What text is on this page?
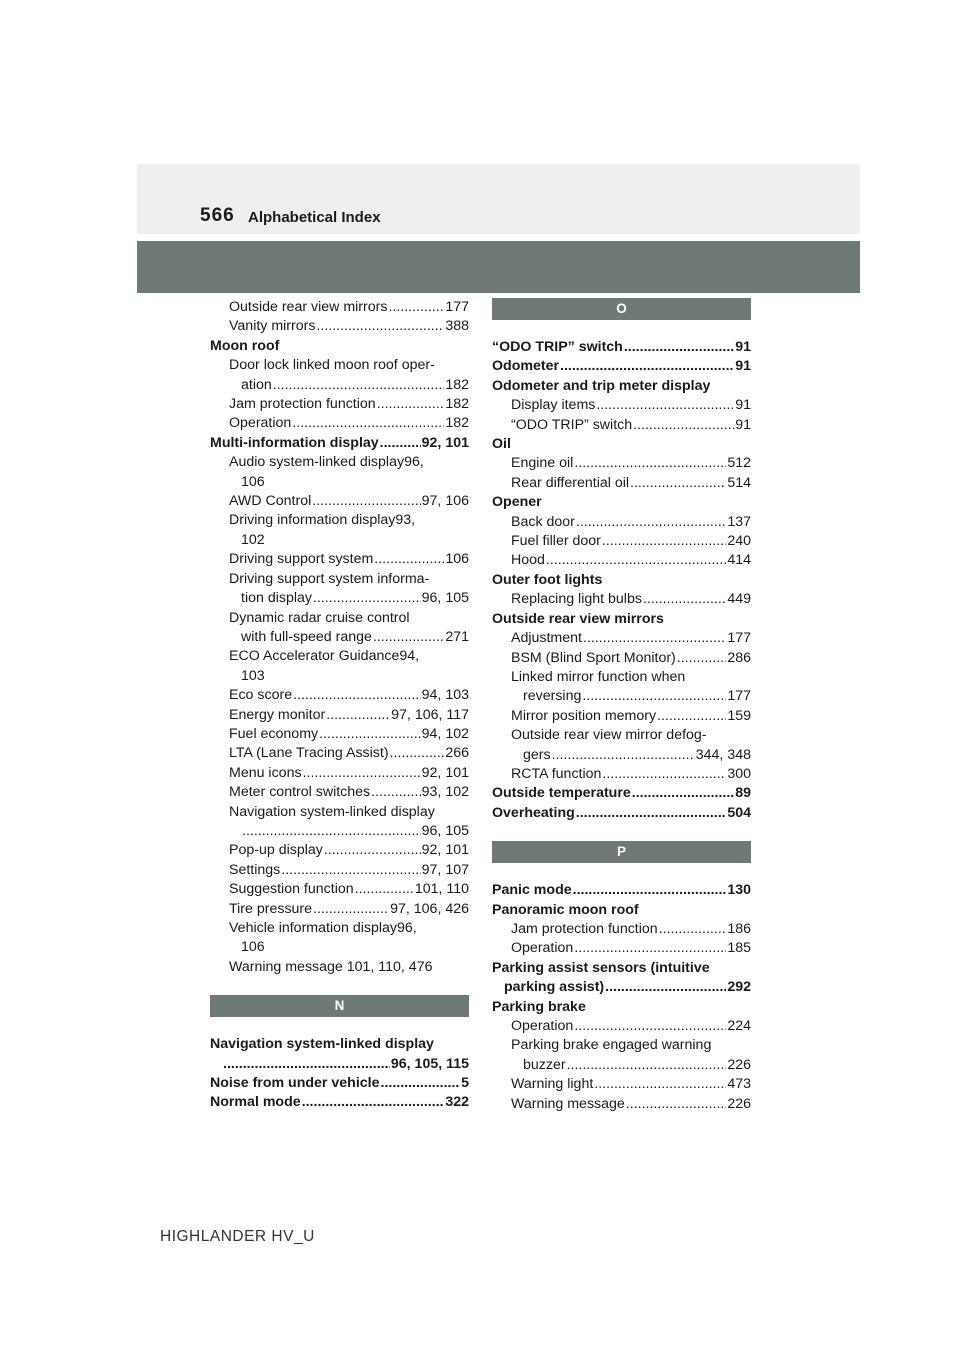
566 Alphabetical Index
Outside rear view mirrors .....	177
Vanity mirrors .....	388
Moon roof
Door lock linked moon roof oper-
ation .....	182
Jam protection function .....	182
Operation .....	182
Multi-information display .....	92, 101
Audio system-linked display 96,
106
AWD Control .....	97, 106
Driving information display 93,
102
Driving support system .....	106
Driving support system informa-
tion display .....	96, 105
Dynamic radar cruise control
with full-speed range .....	271
ECO Accelerator Guidance 94,
103
Eco score .....	94, 103
Energy monitor .....	97, 106, 117
Fuel economy .....	94, 102
LTA (Lane Tracing Assist) .....	266
Menu icons .....	92, 101
Meter control switches .....	93, 102
Navigation system-linked display
.....
96, 105
Pop-up display .....	92, 101
Settings .....	97, 107
Suggestion function .....	101, 110
Tire pressure .....	97, 106, 426
Vehicle information display 96,
106
Warning message 101, 110, 476
N
Navigation system-linked display
.....
96, 105, 115
Noise from under vehicle .....	5
Normal mode .....	322
O
“ODO TRIP” switch .....	91
Odometer .....	91
Odometer and trip meter display
Display items .....	91
“ODO TRIP” switch .....	91
Oil
Engine oil .....	512
Rear differential oil .....	514
Opener
Back door .....	137
Fuel filler door .....	240
Hood .....	414
Outer foot lights
Replacing light bulbs .....	449
Outside rear view mirrors
Adjustment .....	177
BSM (Blind Sport Monitor) .....	286
Linked mirror function when
reversing .....	177
Mirror position memory .....	159
Outside rear view mirror defog-
gers .....	344, 348
RCTA function .....	300
Outside temperature .....	89
Overheating .....	504
P
Panic mode .....	130
Panoramic moon roof
Jam protection function .....	186
Operation .....	185
Parking assist sensors (intuitive
parking assist) .....	292
Parking brake
Operation .....	224
Parking brake engaged warning
buzzer .....	226
Warning light .....	473
Warning message .....	226
HIGHLANDER HV_U
